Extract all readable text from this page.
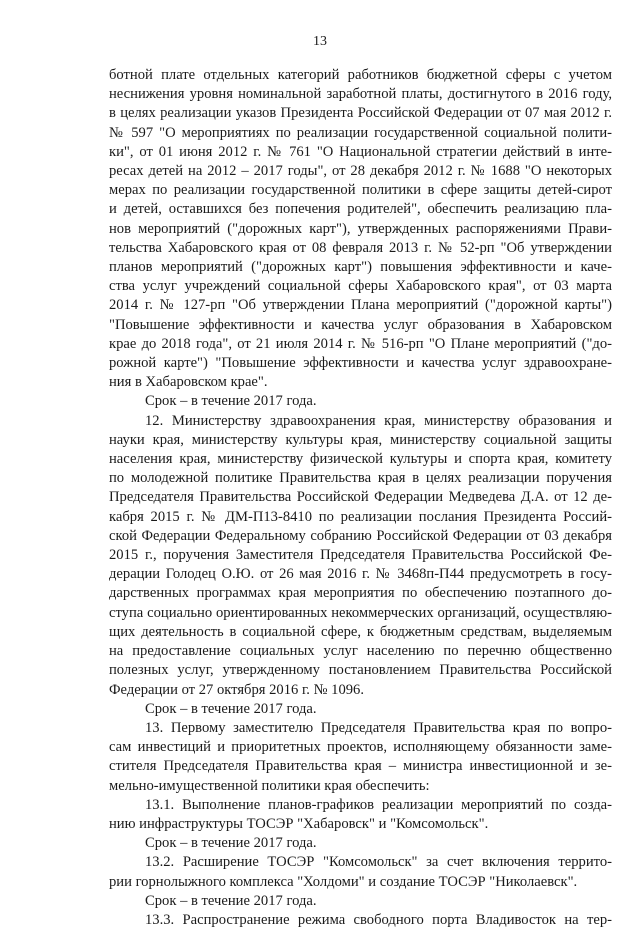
13

ботной плате отдельных категорий работников бюджетной сферы с учетом

неснижения уровня номинальной заработной платы, достигнутого в 2016 году,

в целях реализации указов Президента Российской Федерации от 07 мая 2012 г.

№ 597 "О мероприятиях по реализации государственной социальной полити-

ки", от 01 июня 2012 г. № 761 "О Национальной стратегии действий в инте-

ресах детей на 2012 – 2017 годы", от 28 декабря 2012 г. № 1688 "О некоторых

мерах по реализации государственной политики в сфере защиты детей-сирот

и детей, оставшихся без попечения родителей", обеспечить реализацию пла-

нов мероприятий ("дорожных карт"), утвержденных распоряжениями Прави-

тельства Хабаровского края от 08 февраля 2013 г. № 52-рп "Об утверждении

планов мероприятий ("дорожных карт") повышения эффективности и каче-

ства услуг учреждений социальной сферы Хабаровского края", от 03 марта

2014 г. № 127-рп "Об утверждении Плана мероприятий ("дорожной карты")

"Повышение эффективности и качества услуг образования в Хабаровском

крае до 2018 года", от 21 июля 2014 г. № 516-рп "О Плане мероприятий ("до-

рожной карте") "Повышение эффективности и качества услуг здравоохране-

ния в Хабаровском крае".

Срок – в течение 2017 года.

12. Министерству здравоохранения края, министерству образования и

науки края, министерству культуры края, министерству социальной защиты

населения края, министерству физической культуры и спорта края, комитету

по молодежной политике Правительства края в целях реализации поручения

Председателя Правительства Российской Федерации Медведева Д.А. от 12 де-

кабря 2015 г. № ДМ-П13-8410 по реализации послания Президента Россий-

ской Федерации Федеральному собранию Российской Федерации от 03 декабря

2015 г., поручения Заместителя Председателя Правительства Российской Фе-

дерации Голодец О.Ю. от 26 мая 2016 г. № 3468п-П44 предусмотреть в госу-

дарственных программах края мероприятия по обеспечению поэтапного до-

ступа социально ориентированных некоммерческих организаций, осуществляю-

щих деятельность в социальной сфере, к бюджетным средствам, выделяемым

на предоставление социальных услуг населению по перечню общественно

полезных услуг, утвержденному постановлением Правительства Российской

Федерации от 27 октября 2016 г. № 1096.

Срок – в течение 2017 года.

13. Первому заместителю Председателя Правительства края по вопро-

сам инвестиций и приоритетных проектов, исполняющему обязанности заме-

стителя Председателя Правительства края – министра инвестиционной и зе-

мельно-имущественной политики края обеспечить:

13.1. Выполнение планов-графиков реализации мероприятий по созда-

нию инфраструктуры ТОСЭР "Хабаровск" и "Комсомольск".

Срок – в течение 2017 года.

13.2. Расширение ТОСЭР "Комсомольск" за счет включения террито-

рии горнолыжного комплекса "Холдоми" и создание ТОСЭР "Николаевск".

Срок – в течение 2017 года.

13.3. Распространение режима свободного порта Владивосток на тер-
